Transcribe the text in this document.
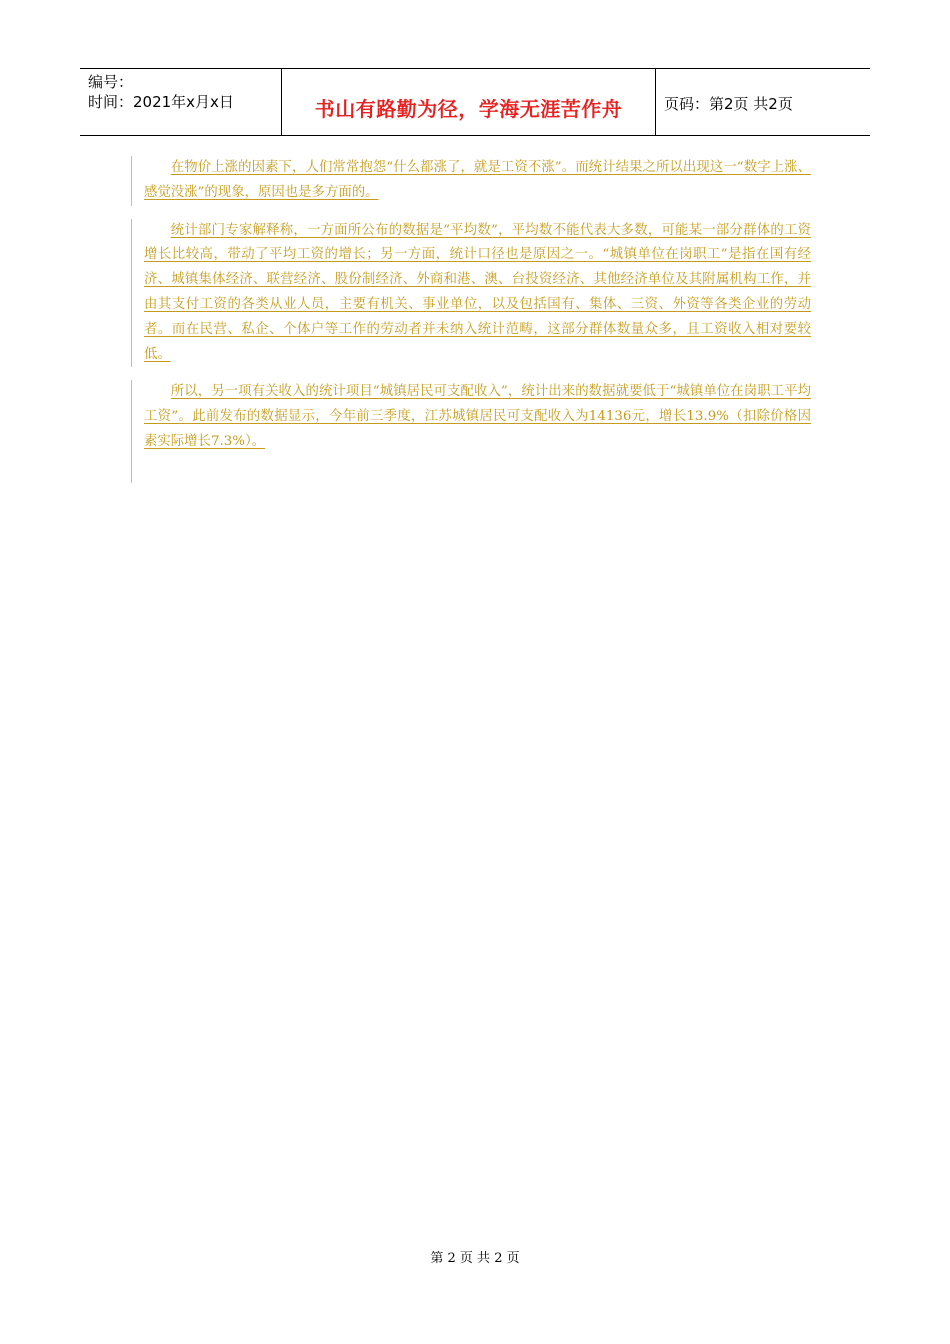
编号：
时间：2021年x月x日	书山有路勤为径，学海无涯苦作舟	页码：第2页 共2页

在物价上涨的因素下，人们常常抱怨“什么都涨了，就是工资不涨”。而统计结果之所以出现这一“数字上涨、感觉没涨”的现象，原因也是多方面的。

统计部门专家解释称，一方面所公布的数据是“平均数”，平均数不能代表大多数，可能某一部分群体的工资增长比较高，带动了平均工资的增长；另一方面，统计口径也是原因之一。“城镇单位在岗职工”是指在国有经济、城镇集体经济、联营经济、股份制经济、外商和港、澳、台投资经济、其他经济单位及其附属机构工作，并由其支付工资的各类从业人员，主要有机关、事业单位，以及包括国有、集体、三资、外资等各类企业的劳动者。而在民营、私企、个体户等工作的劳动者并未纳入统计范畴，这部分群体数量众多，且工资收入相对要较低。

所以，另一项有关收入的统计项目“城镇居民可支配收入”，统计出来的数据就要低于“城镇单位在岗职工平均工资”。此前发布的数据显示，今年前三季度，江苏城镇居民可支配收入为14136元，增长13.9%（扣除价格因素实际增长7.3%）。

第 2 页 共 2 页
